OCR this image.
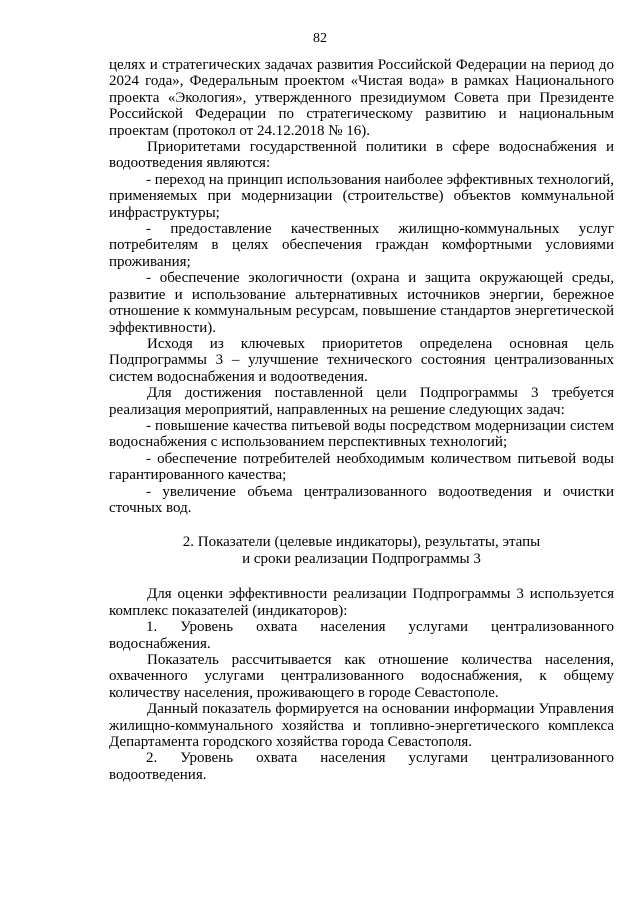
82

целях и стратегических задачах развития Российской Федерации на период до 2024 года», Федеральным проектом «Чистая вода» в рамках Национального проекта «Экология», утвержденного президиумом Совета при Президенте Российской Федерации по стратегическому развитию и национальным проектам (протокол от 24.12.2018 № 16).

Приоритетами государственной политики в сфере водоснабжения и водоотведения являются:

- переход на принцип использования наиболее эффективных технологий, применяемых при модернизации (строительстве) объектов коммунальной инфраструктуры;

- предоставление качественных жилищно-коммунальных услуг потребителям в целях обеспечения граждан комфортными условиями проживания;

- обеспечение экологичности (охрана и защита окружающей среды, развитие и использование альтернативных источников энергии, бережное отношение к коммунальным ресурсам, повышение стандартов энергетической эффективности).

Исходя из ключевых приоритетов определена основная цель Подпрограммы 3 – улучшение технического состояния централизованных систем водоснабжения и водоотведения.

Для достижения поставленной цели Подпрограммы 3 требуется реализация мероприятий, направленных на решение следующих задач:

- повышение качества питьевой воды посредством модернизации систем водоснабжения с использованием перспективных технологий;

- обеспечение потребителей необходимым количеством питьевой воды гарантированного качества;

- увеличение объема централизованного водоотведения и очистки сточных вод.

2. Показатели (целевые индикаторы), результаты, этапы

и сроки реализации Подпрограммы 3

Для оценки эффективности реализации Подпрограммы 3 используется комплекс показателей (индикаторов):

1. Уровень охвата населения услугами централизованного водоснабжения.

Показатель рассчитывается как отношение количества населения, охваченного услугами централизованного водоснабжения, к общему количеству населения, проживающего в городе Севастополе.

Данный показатель формируется на основании информации Управления жилищно-коммунального хозяйства и топливно-энергетического комплекса Департамента городского хозяйства города Севастополя.

2. Уровень охвата населения услугами централизованного водоотведения.
